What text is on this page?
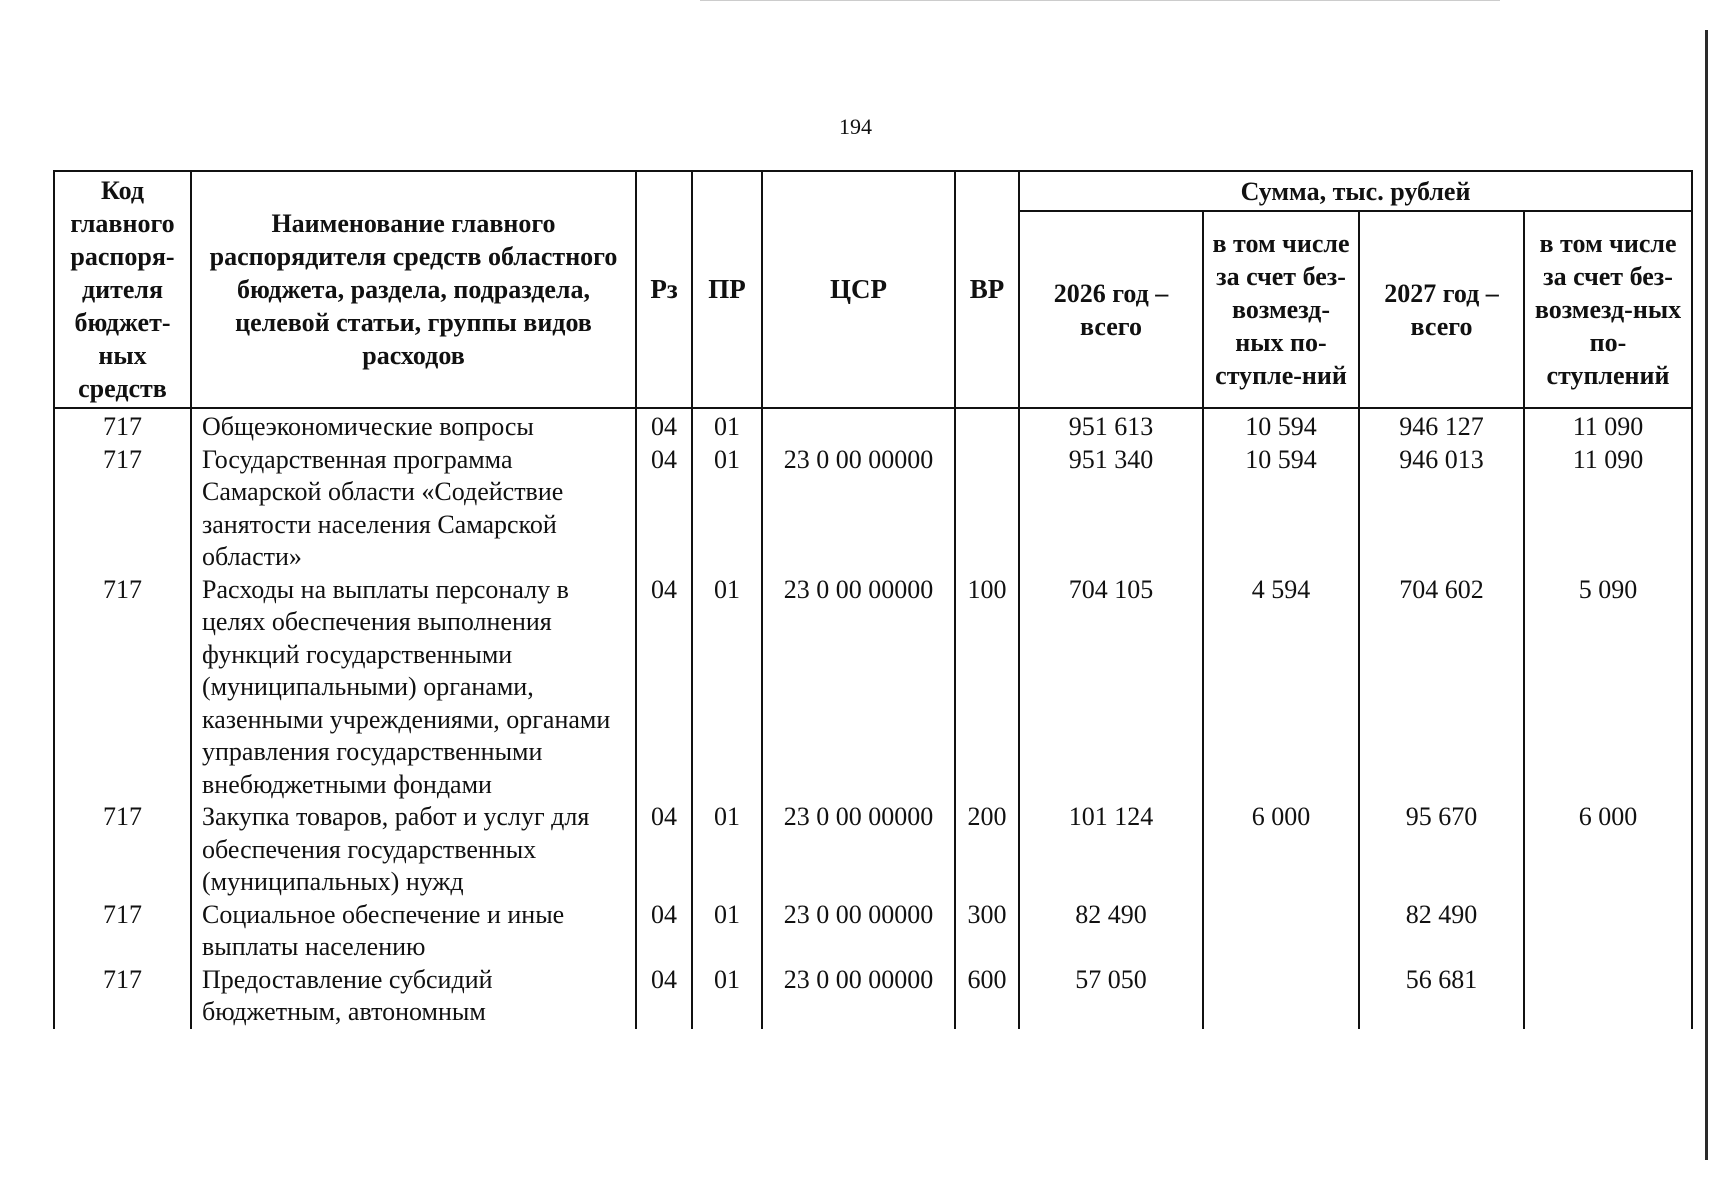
194
Код главного распоря-дителя бюджет-ных средств	Наименование главного распорядителя средств областного бюджета, раздела, подраздела, целевой статьи, группы видов расходов	Рз	ПР	ЦСР	ВР	Сумма, тыс. рублей			
						2026 год – всего	в том числе за счет без-возмезд-ных по-ступле-ний	2027 год – всего	в том числе за счет без-возмезд-ных по-ступлений
717	Общеэкономические вопросы	04	01			951 613	10 594	946 127	11 090
717	Государственная программа Самарской области «Содействие занятости населения Самарской области»	04	01	23 0 00 00000		951 340	10 594	946 013	11 090
717	Расходы на выплаты персоналу в целях обеспечения выполнения функций государственными (муниципальными) органами, казенными учреждениями, органами управления государственными внебюджетными фондами	04	01	23 0 00 00000	100	704 105	4 594	704 602	5 090
717	Закупка товаров, работ и услуг для обеспечения государственных (муниципальных) нужд	04	01	23 0 00 00000	200	101 124	6 000	95 670	6 000
717	Социальное обеспечение и иные выплаты населению	04	01	23 0 00 00000	300	82 490		82 490	
717	Предоставление субсидий бюджетным, автономным	04	01	23 0 00 00000	600	57 050		56 681	
